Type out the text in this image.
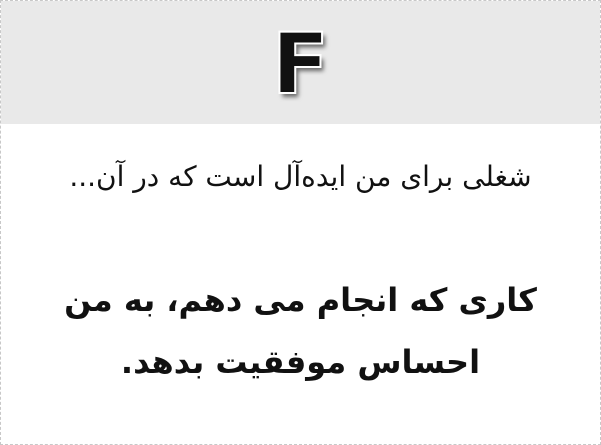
F
شغلی برای من ایده‌آل است که در آن...
کاری که انجام می دهم، به من
احساس موفقیت بدهد.
